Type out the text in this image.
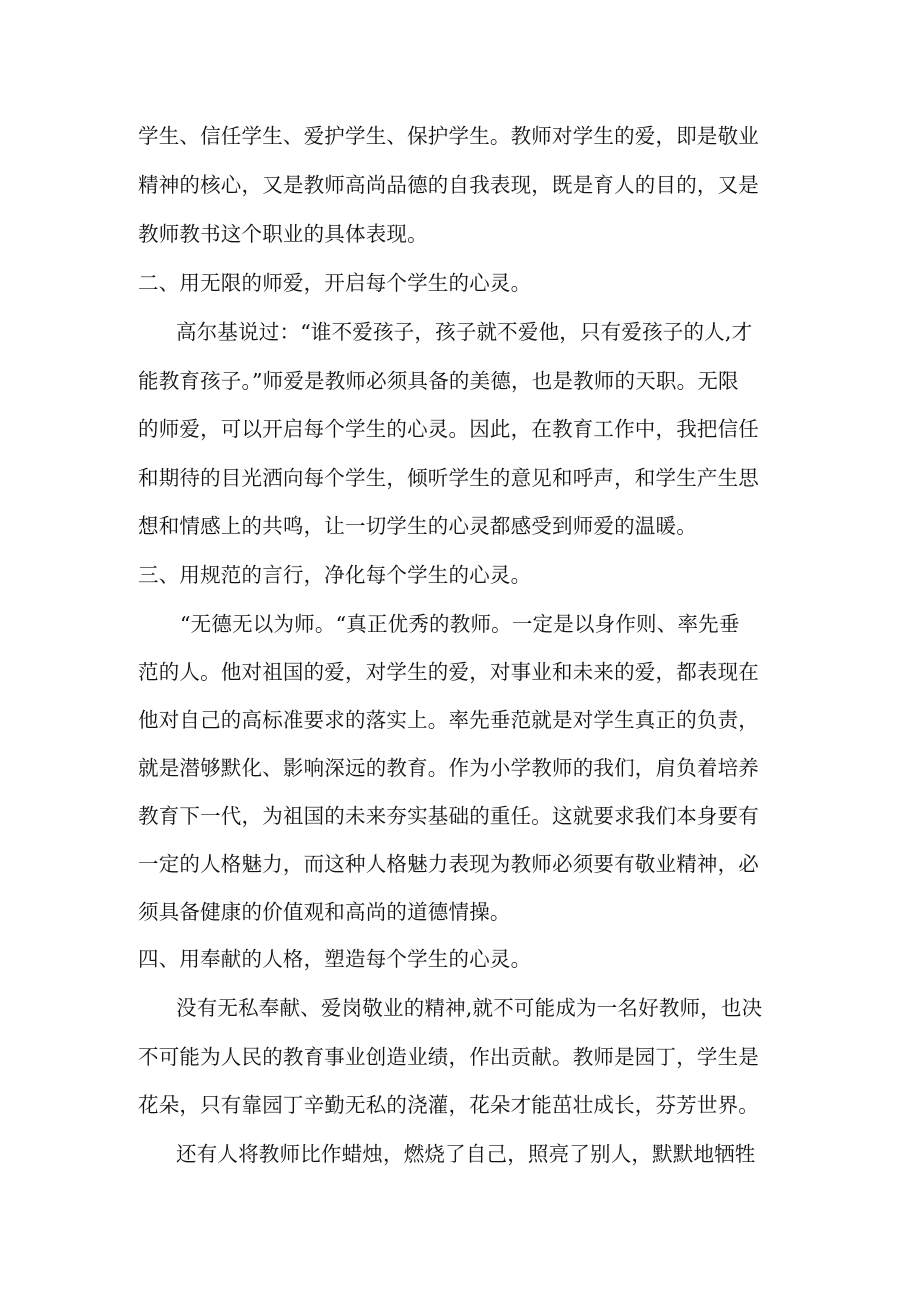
学生、信任学生、爱护学生、保护学生。教师对学生的爱，即是敬业
精神的核心，又是教师高尚品德的自我表现，既是育人的目的，又是
教师教书这个职业的具体表现。
二、用无限的师爱，开启每个学生的心灵。
高尔基说过：“谁不爱孩子，孩子就不爱他，只有爱孩子的人,才
能教育孩子。”师爱是教师必须具备的美德，也是教师的天职。无限
的师爱，可以开启每个学生的心灵。因此，在教育工作中，我把信任
和期待的目光洒向每个学生，倾听学生的意见和呼声，和学生产生思
想和情感上的共鸣，让一切学生的心灵都感受到师爱的温暖。
三、用规范的言行，净化每个学生的心灵。
“无德无以为师。“真正优秀的教师。一定是以身作则、率先垂
范的人。他对祖国的爱，对学生的爱，对事业和未来的爱，都表现在
他对自己的高标准要求的落实上。率先垂范就是对学生真正的负责，
就是潜够默化、影响深远的教育。作为小学教师的我们，肩负着培养
教育下一代，为祖国的未来夯实基础的重任。这就要求我们本身要有
一定的人格魅力，而这种人格魅力表现为教师必须要有敬业精神，必
须具备健康的价值观和高尚的道德情操。
四、用奉献的人格，塑造每个学生的心灵。
没有无私奉献、爱岗敬业的精神,就不可能成为一名好教师，也决
不可能为人民的教育事业创造业绩，作出贡献。教师是园丁，学生是
花朵，只有靠园丁辛勤无私的浇灌，花朵才能茁壮成长，芬芳世界。
还有人将教师比作蜡烛，燃烧了自己，照亮了别人，默默地牺牲
